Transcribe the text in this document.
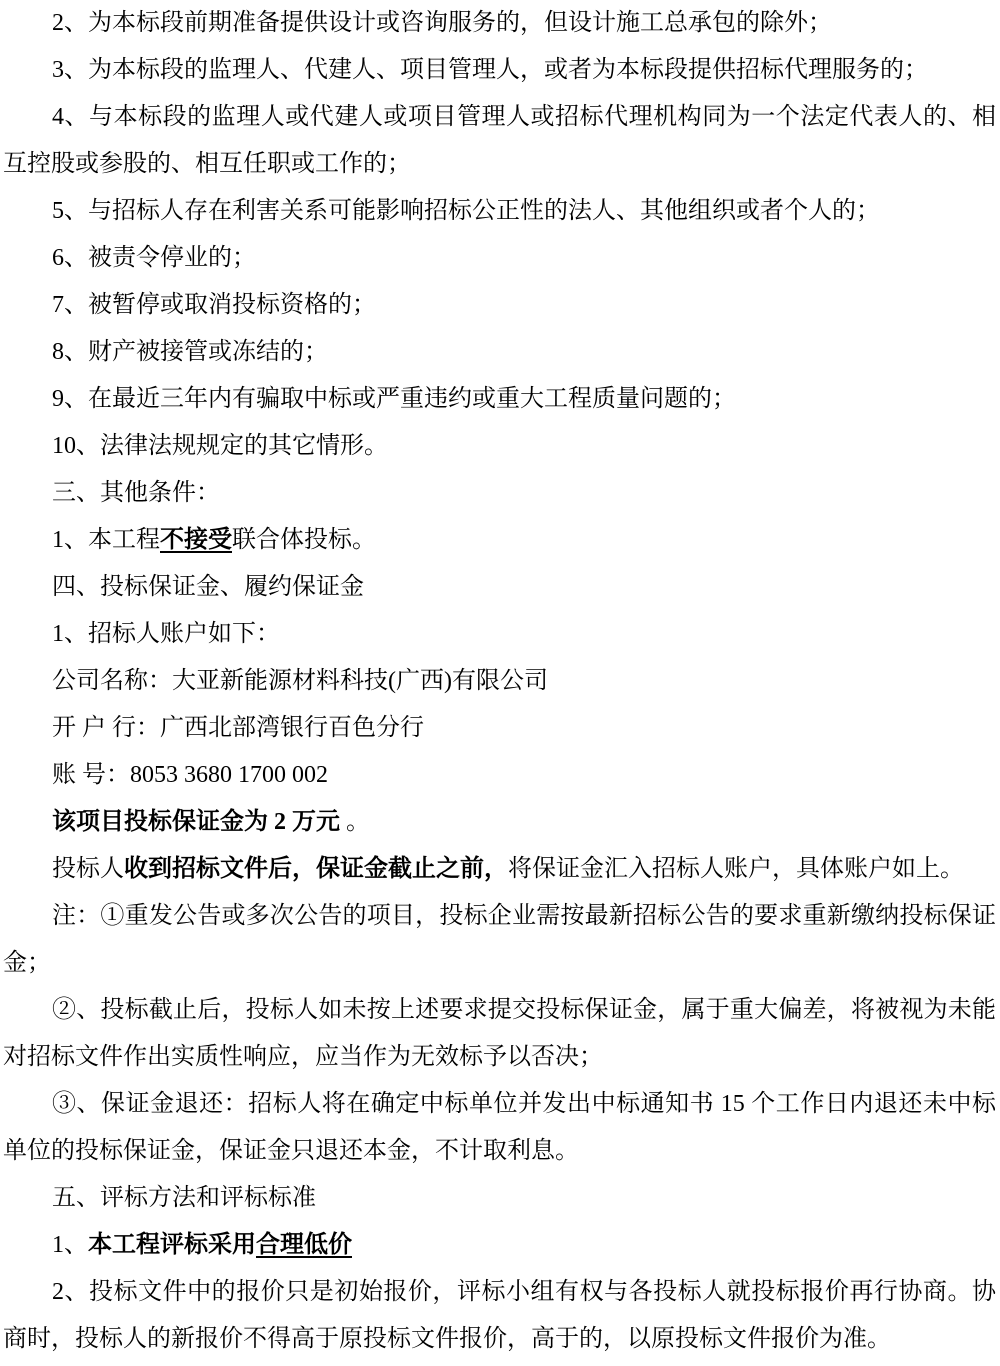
2、为本标段前期准备提供设计或咨询服务的，但设计施工总承包的除外；

3、为本标段的监理人、代建人、项目管理人，或者为本标段提供招标代理服务的；

4、与本标段的监理人或代建人或项目管理人或招标代理机构同为一个法定代表人的、相互控股或参股的、相互任职或工作的；

5、与招标人存在利害关系可能影响招标公正性的法人、其他组织或者个人的；

6、被责令停业的；

7、被暂停或取消投标资格的；

8、财产被接管或冻结的；

9、在最近三年内有骗取中标或严重违约或重大工程质量问题的；

10、法律法规规定的其它情形。

三、其他条件：

1、本工程不接受联合体投标。

四、投标保证金、履约保证金

1、招标人账户如下：

公司名称：大亚新能源材料科技(广西)有限公司

开 户 行：广西北部湾银行百色分行

账 号：8053 3680 1700 002

该项目投标保证金为 2 万元 。

投标人收到招标文件后，保证金截止之前，将保证金汇入招标人账户，具体账户如上。

注：①重发公告或多次公告的项目，投标企业需按最新招标公告的要求重新缴纳投标保证金；

②、投标截止后，投标人如未按上述要求提交投标保证金，属于重大偏差，将被视为未能对招标文件作出实质性响应，应当作为无效标予以否决；

③、保证金退还：招标人将在确定中标单位并发出中标通知书 15 个工作日内退还未中标单位的投标保证金，保证金只退还本金，不计取利息。

五、评标方法和评标标准

1、本工程评标采用合理低价

2、投标文件中的报价只是初始报价，评标小组有权与各投标人就投标报价再行协商。协商时，投标人的新报价不得高于原投标文件报价，高于的，以原投标文件报价为准。
